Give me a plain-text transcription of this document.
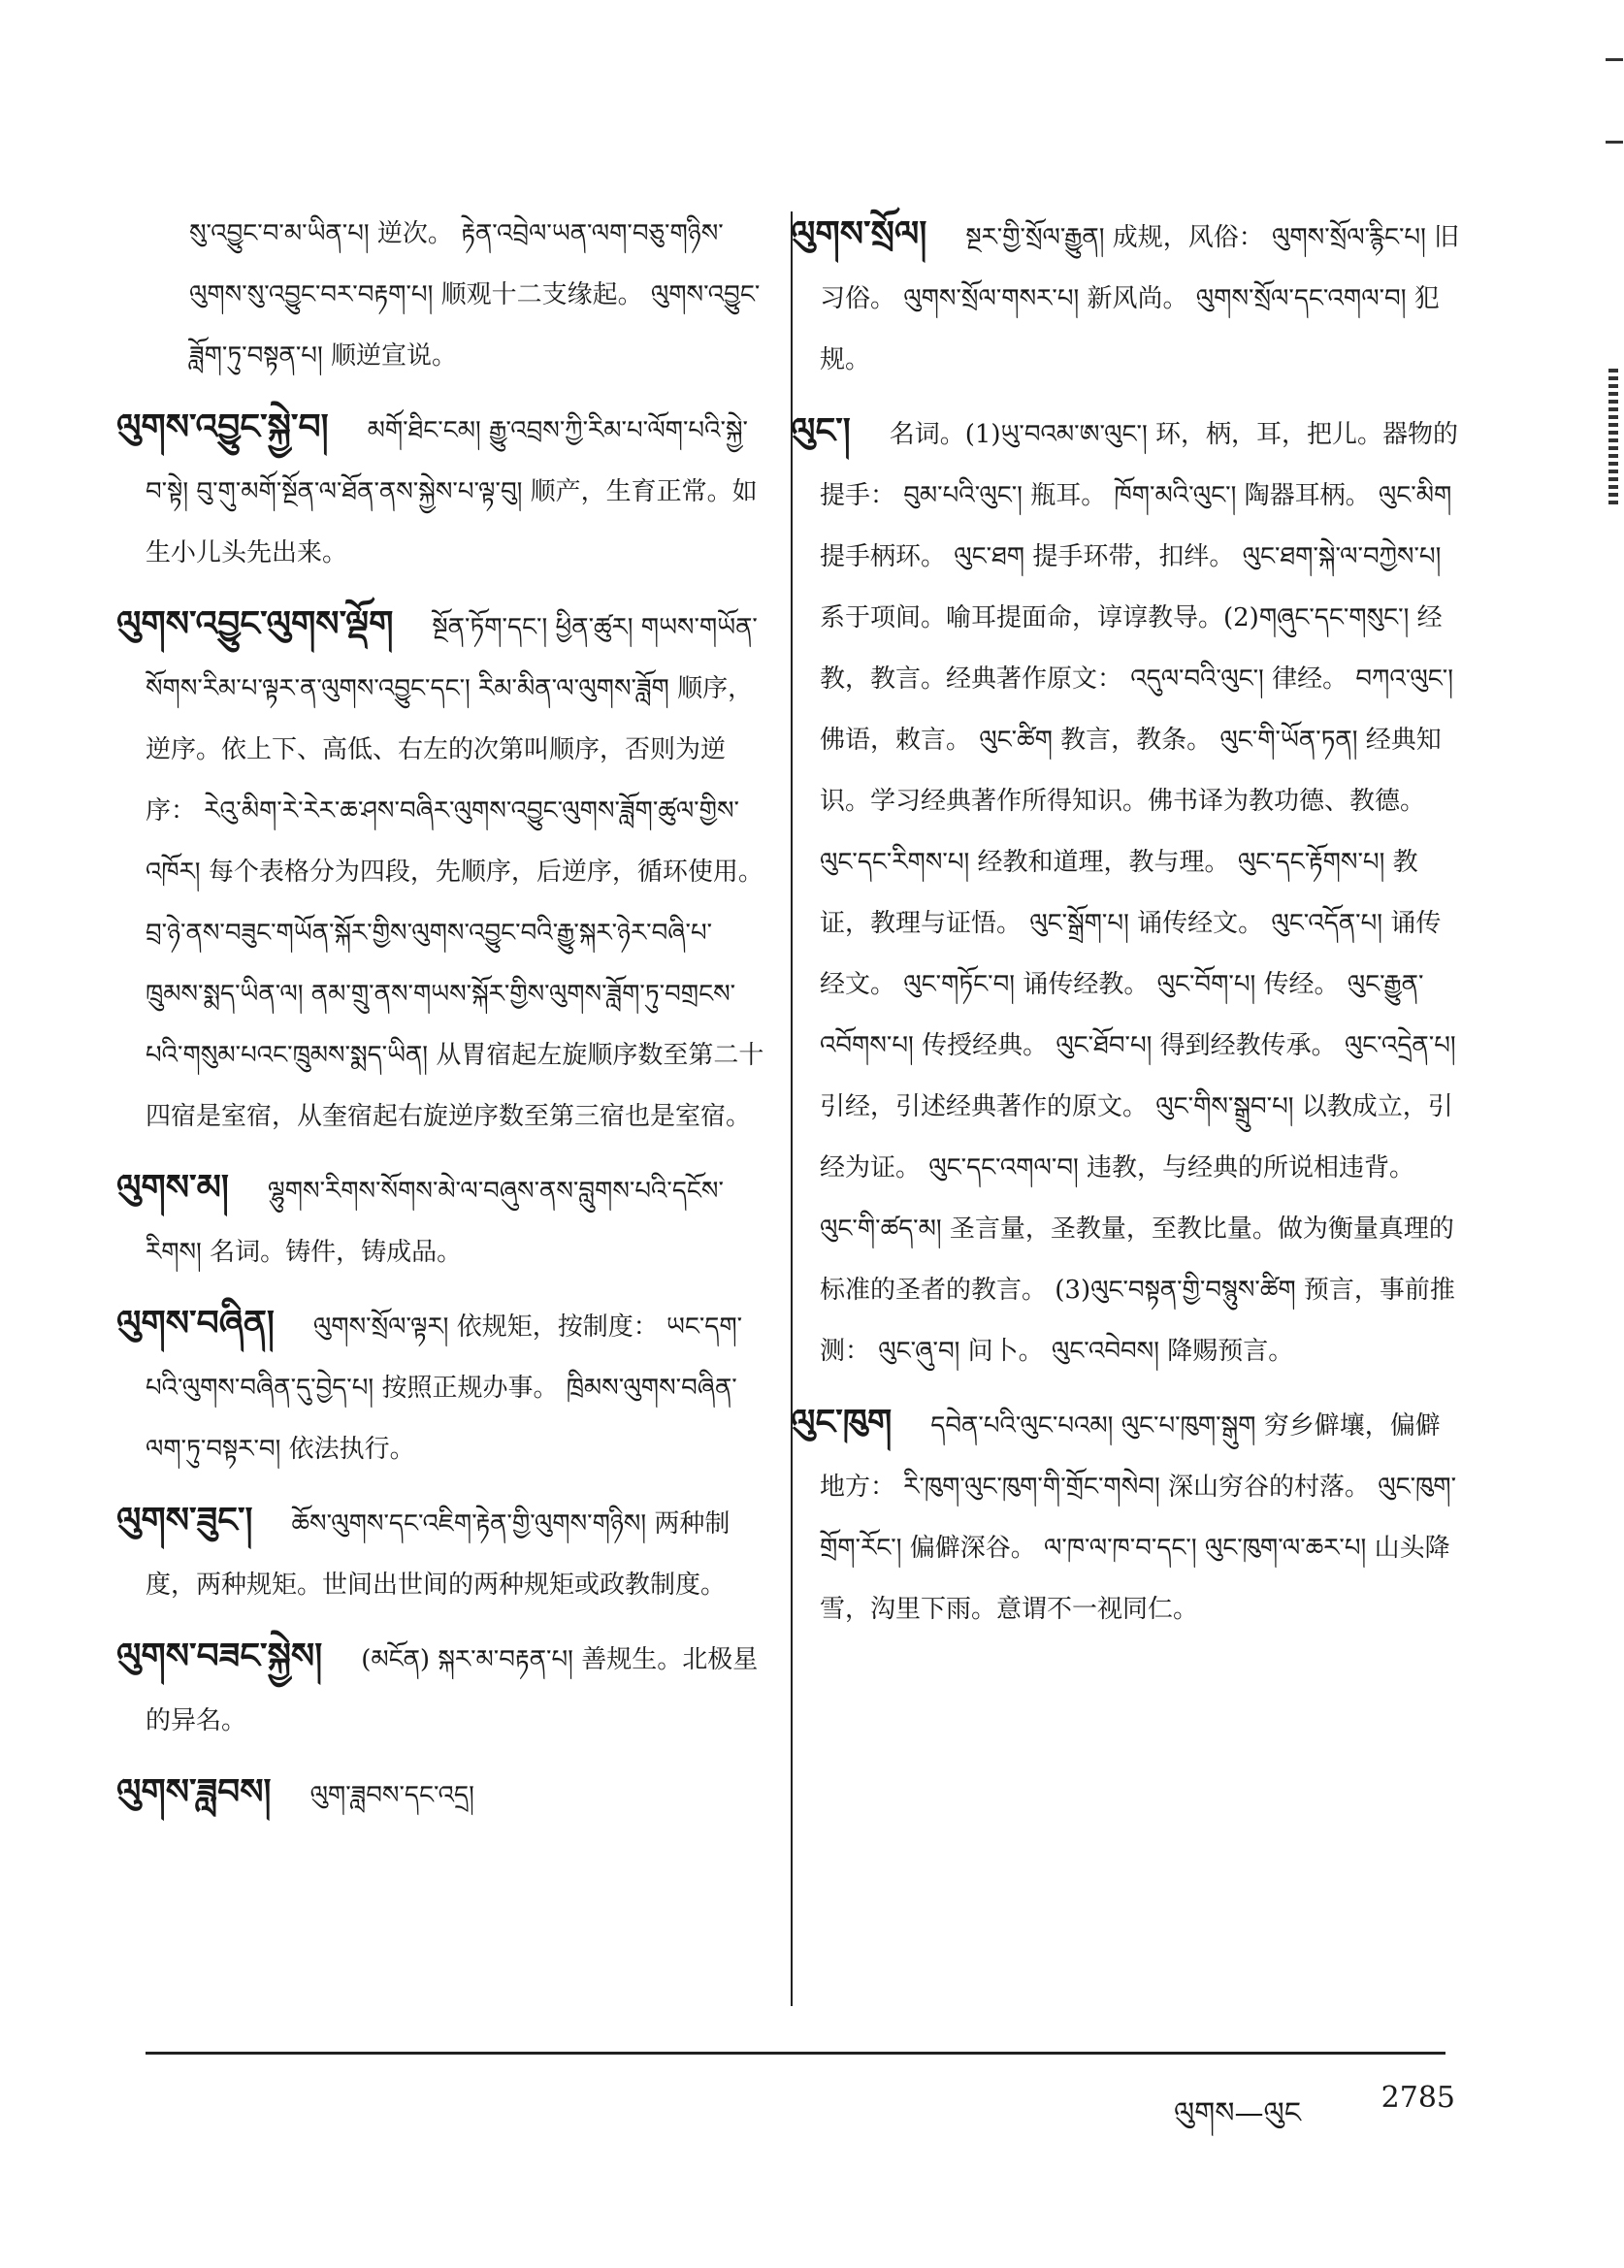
སུ་འབྱུང་བ་མ་ཡིན་པ། 逆次。 རྟེན་འབྲེལ་ཡན་ལག་བཅུ་གཉིས་ལུགས་སུ་འབྱུང་བར་བརྟག་པ། 顺观十二支缘起。 ལུགས་འབྱུང་ཟློག་ཏུ་བསྟན་པ། 顺逆宣说。
ལུགས་འབྱུང་སྐྱེ་བ། མགོ་ཐིང་ངམ། རྒྱུ་འབྲས་ཀྱི་རིམ་པ་ལོག་པའི་སྐྱེ་བ་སྟེ། བུ་གུ་མགོ་སྔོན་ལ་ཐོན་ནས་སྐྱེས་པ་ལྟ་བུ། 顺产，生育正常。如生小儿头先出来。
ལུགས་འབྱུང་ལུགས་ལྡོག སྔོན་ཏོག་དང་། ཕྱིན་ཚུར། གཡས་གཡོན་སོགས་རིམ་པ་ལྟར་ན་ལུགས་འབྱུང་དང་། རིམ་མིན་ལ་ལུགས་ཟློག 顺序，逆序。依上下、高低、右左的次第叫顺序，否则为逆序： རེའུ་མིག་རེ་རེར་ཆ་ཤས་བཞིར་ལུགས་འབྱུང་ལུགས་ཟློག་ཚུལ་གྱིས་འཁོར། 每个表格分为四段，先顺序，后逆序，循环使用。 བྲ་ཉེ་ནས་བཟུང་གཡོན་སྐོར་གྱིས་ལུགས་འབྱུང་བའི་རྒྱུ་སྐར་ཉེར་བཞི་པ་ཁྲུམས་སྨད་ཡིན་ལ། ནམ་གྲུ་ནས་གཡས་སྐོར་གྱིས་ལུགས་ཟློག་ཏུ་བགྲངས་པའི་གསུམ་པའང་ཁྲུམས་སྨད་ཡིན། 从胃宿起左旋顺序数至第二十四宿是室宿，从奎宿起右旋逆序数至第三宿也是室宿。
ལུགས་མ། ལྷུགས་རིགས་སོགས་མེ་ལ་བཞུས་ནས་བླུགས་པའི་དངོས་རིགས། 名词。铸件，铸成品。
ལུགས་བཞིན། ལུགས་སྲོལ་ལྟར། 依规矩，按制度： ཡང་དག་པའི་ལུགས་བཞིན་དུ་བྱེད་པ། 按照正规办事。 ཁྲིམས་ལུགས་བཞིན་ལག་ཏུ་བསྟར་བ། 依法执行。
ལུགས་ཟུང་། ཆོས་ལུགས་དང་འཇིག་རྟེན་གྱི་ལུགས་གཉིས། 两种制度，两种规矩。世间出世间的两种规矩或政教制度。
ལུགས་བཟང་སྐྱེས། (མངོན) སྐར་མ་བརྟན་པ། 善规生。北极星的异名。
ལུགས་ཟླབས། ལུག་ཟླབས་དང་འདྲ།
ལུགས་སྲོལ། སྔར་གྱི་སྲོལ་རྒྱུན། 成规，风俗： ལུགས་སྲོལ་རྙིང་པ། 旧习俗。 ལུགས་སྲོལ་གསར་པ། 新风尚。 ལུགས་སྲོལ་དང་འགལ་བ། 犯规。
ལུང་། 名词。(1)ཡུ་བའམ་ཨ་ལུང་། 环，柄，耳，把儿。器物的提手： བུམ་པའི་ལུང་། 瓶耳。 ཁོག་མའི་ལུང་། 陶器耳柄。 ལུང་མིག 提手柄环。 ལུང་ཐག 提手环带，扣绊。 ལུང་ཐག་སྐེ་ལ་བཀྱེས་པ། 系于项间。喻耳提面命，谆谆教导。(2)གཞུང་དང་གསུང་། 经教，教言。经典著作原文： འདུལ་བའི་ལུང་། 律经。 བཀའ་ལུང་། 佛语，敕言。 ལུང་ཚིག 教言，教条。 ལུང་གི་ཡོན་ཏན། 经典知识。学习经典著作所得知识。佛书译为教功德、教德。 ལུང་དང་རིགས་པ། 经教和道理，教与理。 ལུང་དང་རྟོགས་པ། 教证，教理与证悟。 ལུང་སྒྲོག་པ། 诵传经文。 ལུང་འདོན་པ། 诵传经文。 ལུང་གཏོང་བ། 诵传经教。 ལུང་བོག་པ། 传经。 ལུང་རྒྱུན་འབོགས་པ། 传授经典。 ལུང་ཐོབ་པ། 得到经教传承。 ལུང་འདྲེན་པ། 引经，引述经典著作的原文。 ལུང་གིས་སྒྲུབ་པ། 以教成立，引经为证。 ལུང་དང་འགལ་བ། 违教，与经典的所说相违背。 ལུང་གི་ཚད་མ། 圣言量，圣教量，至教比量。做为衡量真理的标准的圣者的教言。 (3)ལུང་བསྟན་གྱི་བསྙུས་ཚིག 预言，事前推测： ལུང་ཞུ་བ། 问卜。 ལུང་འབེབས། 降赐预言。
ལུང་ཁུག དབེན་པའི་ལུང་པའམ། ལུང་པ་ཁུག་སྒུག 穷乡僻壤，偏僻地方： རི་ཁུག་ལུང་ཁུག་གི་གྲོང་གསེབ། 深山穷谷的村落。 ལུང་ཁུག་གྲོག་རོང་། 偏僻深谷。 ལ་ཁ་ལ་ཁ་བ་དང་། ལུང་ཁུག་ལ་ཆར་པ། 山头降雪，沟里下雨。意谓不一视同仁。
ལུགས—ལུང	2785
